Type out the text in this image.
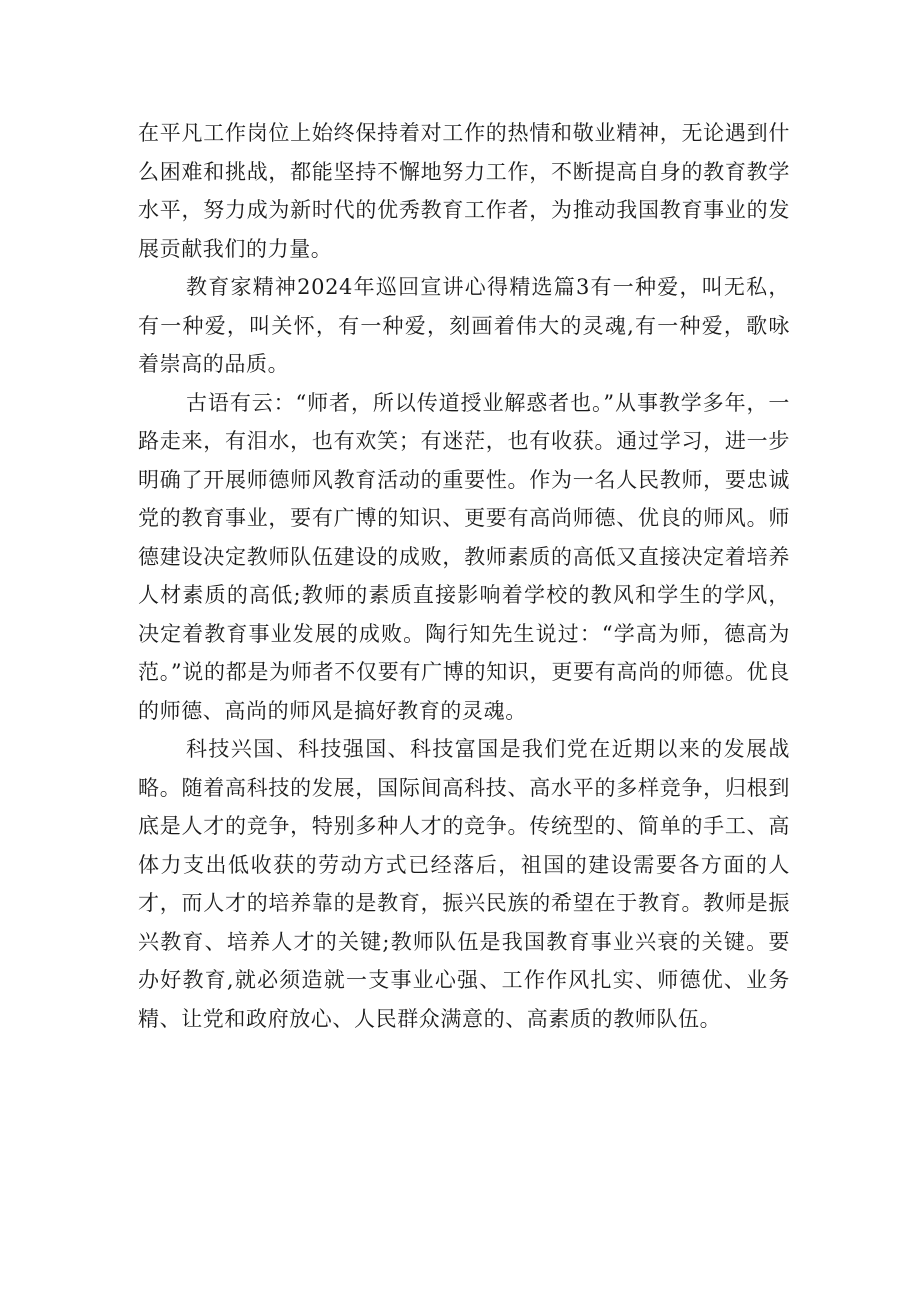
在平凡工作岗位上始终保持着对工作的热情和敬业精神，无论遇到什么困难和挑战，都能坚持不懈地努力工作，不断提高自身的教育教学水平，努力成为新时代的优秀教育工作者，为推动我国教育事业的发展贡献我们的力量。

教育家精神2024年巡回宣讲心得精选篇3有一种爱，叫无私，有一种爱，叫关怀，有一种爱，刻画着伟大的灵魂,有一种爱，歌咏着崇高的品质。

古语有云：“师者，所以传道授业解惑者也。”从事教学多年，一路走来，有泪水，也有欢笑；有迷茫，也有收获。通过学习，进一步明确了开展师德师风教育活动的重要性。作为一名人民教师，要忠诚党的教育事业，要有广博的知识、更要有高尚师德、优良的师风。师德建设决定教师队伍建设的成败，教师素质的高低又直接决定着培养人材素质的高低;教师的素质直接影响着学校的教风和学生的学风，决定着教育事业发展的成败。陶行知先生说过：“学高为师，德高为范。”说的都是为师者不仅要有广博的知识，更要有高尚的师德。优良的师德、高尚的师风是搞好教育的灵魂。

科技兴国、科技强国、科技富国是我们党在近期以来的发展战略。随着高科技的发展，国际间高科技、高水平的多样竞争，归根到底是人才的竞争，特别多种人才的竞争。传统型的、简单的手工、高体力支出低收获的劳动方式已经落后，祖国的建设需要各方面的人才，而人才的培养靠的是教育，振兴民族的希望在于教育。教师是振兴教育、培养人才的关键;教师队伍是我国教育事业兴衰的关键。要办好教育,就必须造就一支事业心强、工作作风扎实、师德优、业务精、让党和政府放心、人民群众满意的、高素质的教师队伍。
